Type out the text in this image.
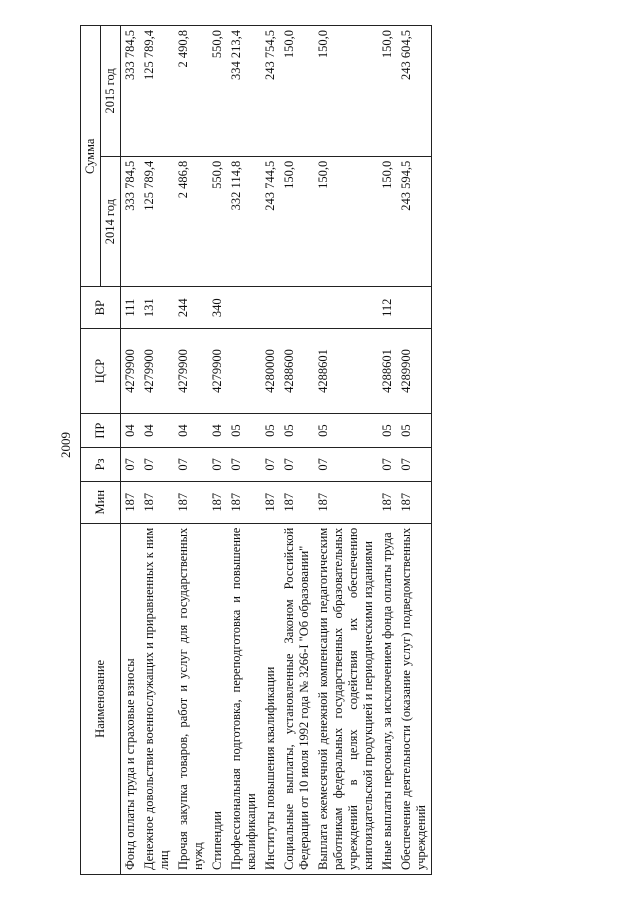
2009
Наименование	Мин	Рз	ПР	ЦСР	ВР	Сумма	
						2014 год	2015 год
Фонд оплаты труда и страховые взносы	187	07	04	4279900	111	333 784,5	333 784,5
Денежное довольствие военнослужащих и приравненных к ним лиц	187	07	04	4279900	131	125 789,4	125 789,4
Прочая закупка товаров, работ и услуг для государственных нужд	187	07	04	4279900	244	2 486,8	2 490,8
Стипендии	187	07	04	4279900	340	550,0	550,0
Профессиональная подготовка, переподготовка и повышение квалификации	187	07	05			332 114,8	334 213,4
Институты повышения квалификации	187	07	05	4280000		243 744,5	243 754,5
Социальные выплаты, установленные Законом Российской Федерации от 10 июля 1992 года № 3266-I "Об образовании"	187	07	05	4288600		150,0	150,0
Выплата ежемесячной денежной компенсации педагогическим работникам федеральных государственных образовательных учреждений в целях содействия их обеспечению книгоиздательской продукцией и периодическими изданиями	187	07	05	4288601		150,0	150,0
Иные выплаты персоналу, за исключением фонда оплаты труда	187	07	05	4288601	112	150,0	150,0
Обеспечение деятельности (оказание услуг) подведомственных учреждений	187	07	05	4289900		243 594,5	243 604,5
